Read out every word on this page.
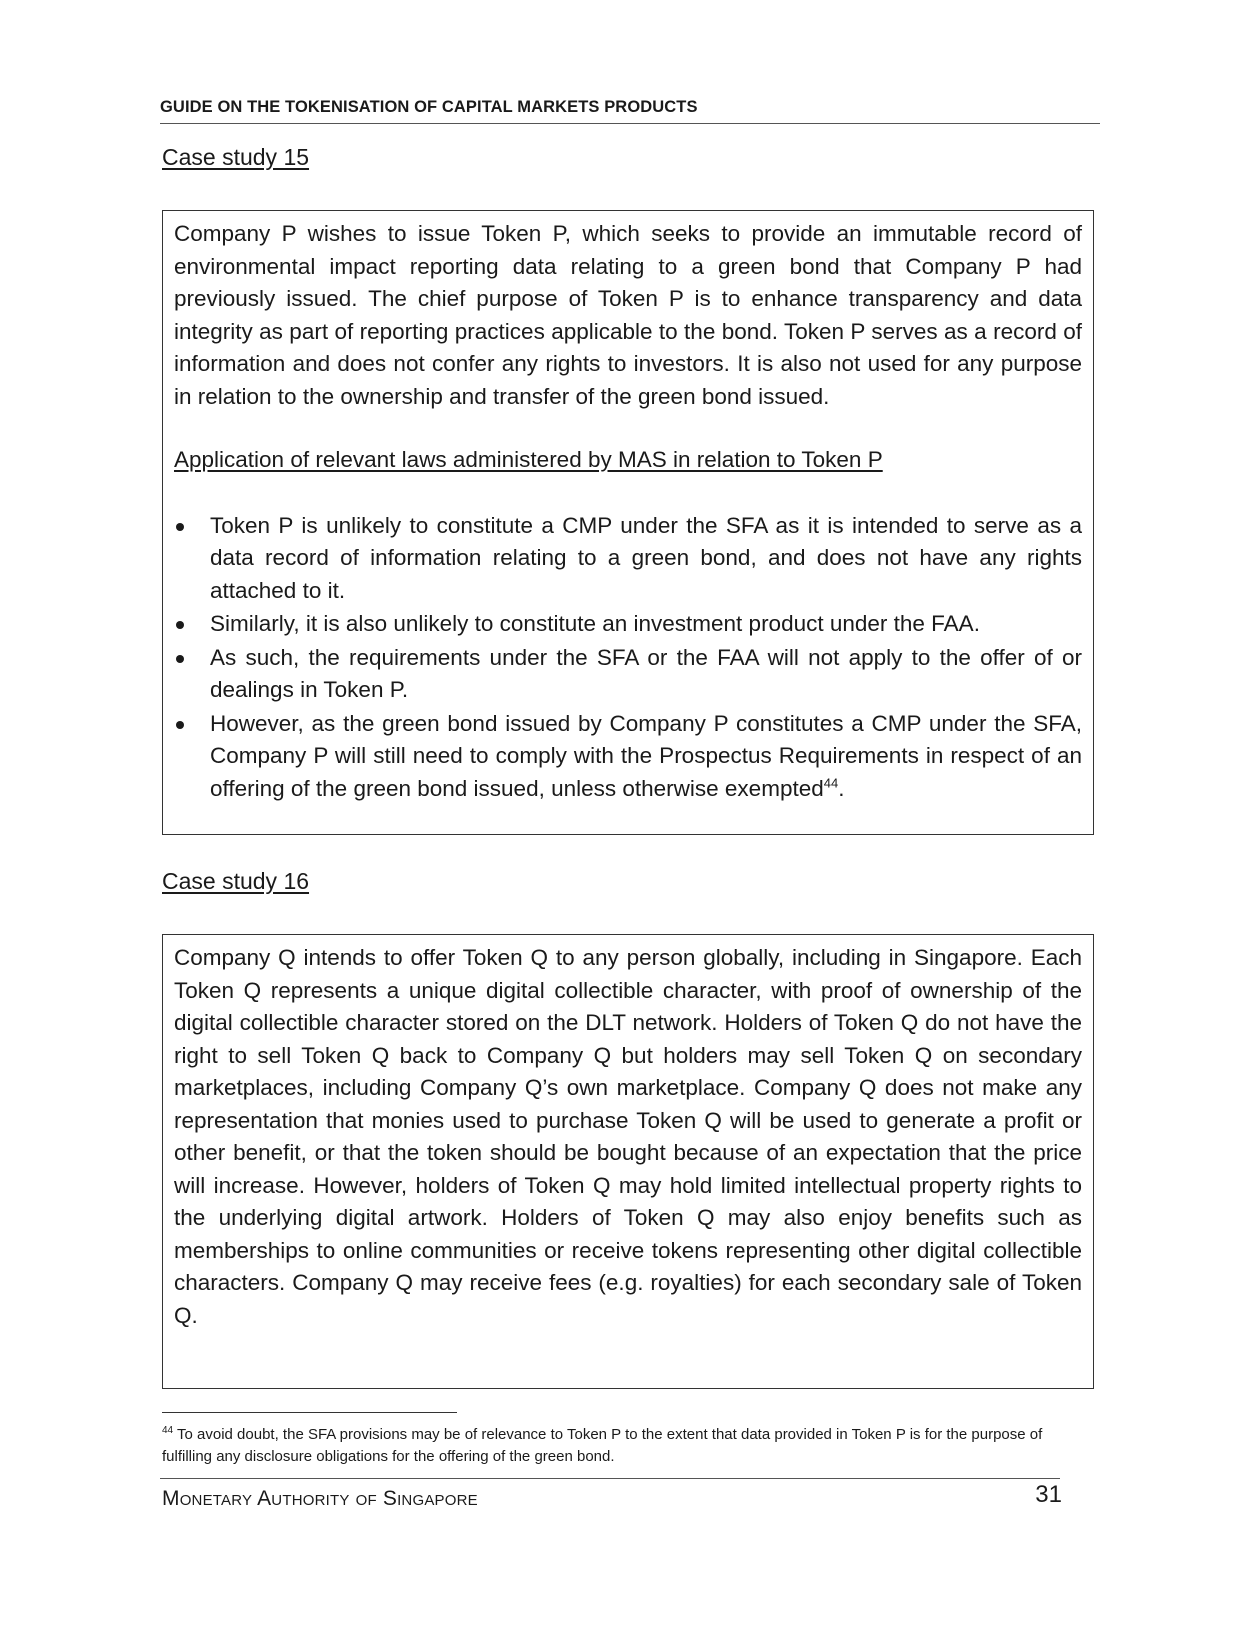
GUIDE ON THE TOKENISATION OF CAPITAL MARKETS PRODUCTS
Case study 15

Company P wishes to issue Token P, which seeks to provide an immutable record of environmental impact reporting data relating to a green bond that Company P had previously issued. The chief purpose of Token P is to enhance transparency and data integrity as part of reporting practices applicable to the bond. Token P serves as a record of information and does not confer any rights to investors. It is also not used for any purpose in relation to the ownership and transfer of the green bond issued.

Application of relevant laws administered by MAS in relation to Token P
Token P is unlikely to constitute a CMP under the SFA as it is intended to serve as a data record of information relating to a green bond, and does not have any rights attached to it.
Similarly, it is also unlikely to constitute an investment product under the FAA.
As such, the requirements under the SFA or the FAA will not apply to the offer of or dealings in Token P.
However, as the green bond issued by Company P constitutes a CMP under the SFA, Company P will still need to comply with the Prospectus Requirements in respect of an offering of the green bond issued, unless otherwise exempted$^{44}$.
Case study 16

Company Q intends to offer Token Q to any person globally, including in Singapore. Each Token Q represents a unique digital collectible character, with proof of ownership of the digital collectible character stored on the DLT network. Holders of Token Q do not have the right to sell Token Q back to Company Q but holders may sell Token Q on secondary marketplaces, including Company Q’s own marketplace. Company Q does not make any representation that monies used to purchase Token Q will be used to generate a profit or other benefit, or that the token should be bought because of an expectation that the price will increase. However, holders of Token Q may hold limited intellectual property rights to the underlying digital artwork. Holders of Token Q may also enjoy benefits such as memberships to online communities or receive tokens representing other digital collectible characters. Company Q may receive fees (e.g. royalties) for each secondary sale of Token Q.

$^{44}$ To avoid doubt, the SFA provisions may be of relevance to Token P to the extent that data provided in Token P is for the purpose of fulfilling any disclosure obligations for the offering of the green bond.
Monetary Authority of Singapore	31
